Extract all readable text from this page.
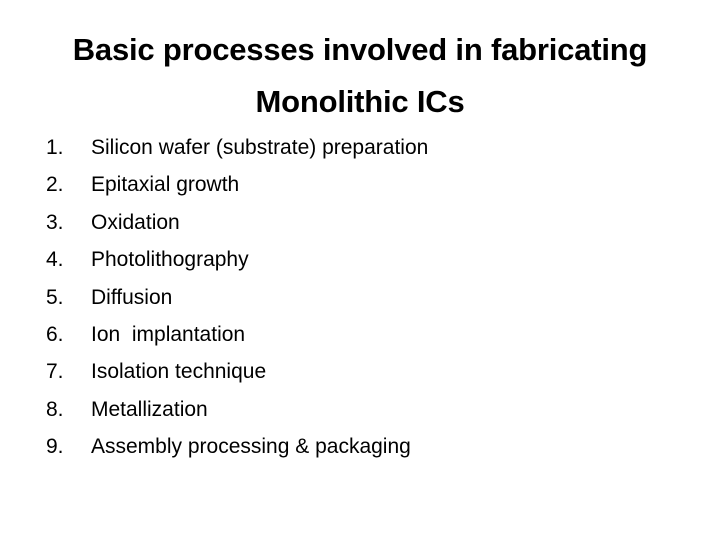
Basic processes involved in fabricating
Monolithic ICs
1.	Silicon wafer (substrate) preparation
2.	Epitaxial growth
3.	Oxidation
4.	Photolithography
5.	Diffusion
6.	Ion  implantation
7.	Isolation technique
8.	Metallization
9.	Assembly processing & packaging
